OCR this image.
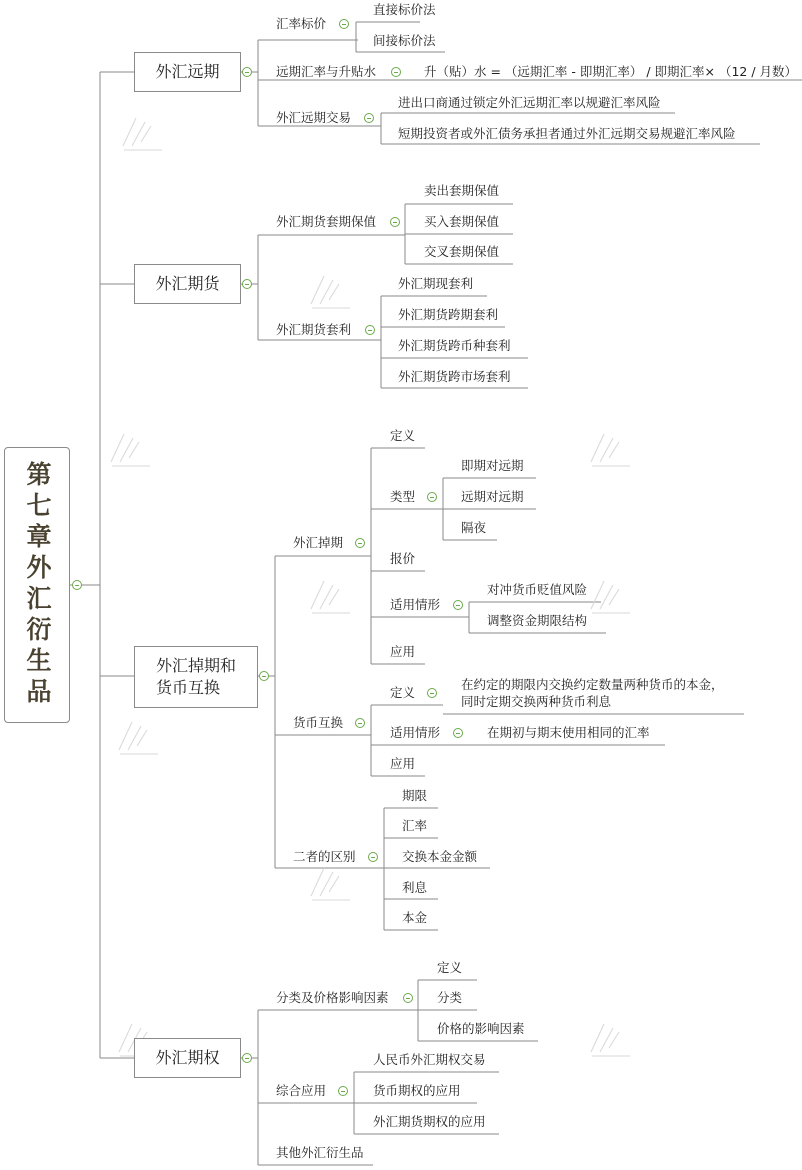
第七章外汇衍生品
外汇远期
外汇期货
外汇掉期和
货币互换
外汇期权
汇率标价
直接标价法
间接标价法
远期汇率与升贴水	升（贴）水 = （远期汇率 - 即期汇率） / 即期汇率× （12 / 月数）
外汇远期交易
进出口商通过锁定外汇远期汇率以规避汇率风险
短期投资者或外汇债务承担者通过外汇远期交易规避汇率风险
外汇期货套期保值
卖出套期保值
买入套期保值
交叉套期保值
外汇期货套利
外汇期现套利
外汇期货跨期套利
外汇期货跨币种套利
外汇期货跨市场套利
外汇掉期
定义
类型
即期对远期
远期对远期
隔夜
报价
适用情形
对冲货币贬值风险
调整资金期限结构
应用
货币互换
定义
在约定的期限内交换约定数量两种货币的本金，
同时定期交换两种货币利息
适用情形	在期初与期末使用相同的汇率
应用
二者的区别
期限
汇率
交换本金金额
利息
本金
分类及价格影响因素
定义
分类
价格的影响因素
综合应用
人民币外汇期权交易
货币期权的应用
外汇期货期权的应用
其他外汇衍生品
